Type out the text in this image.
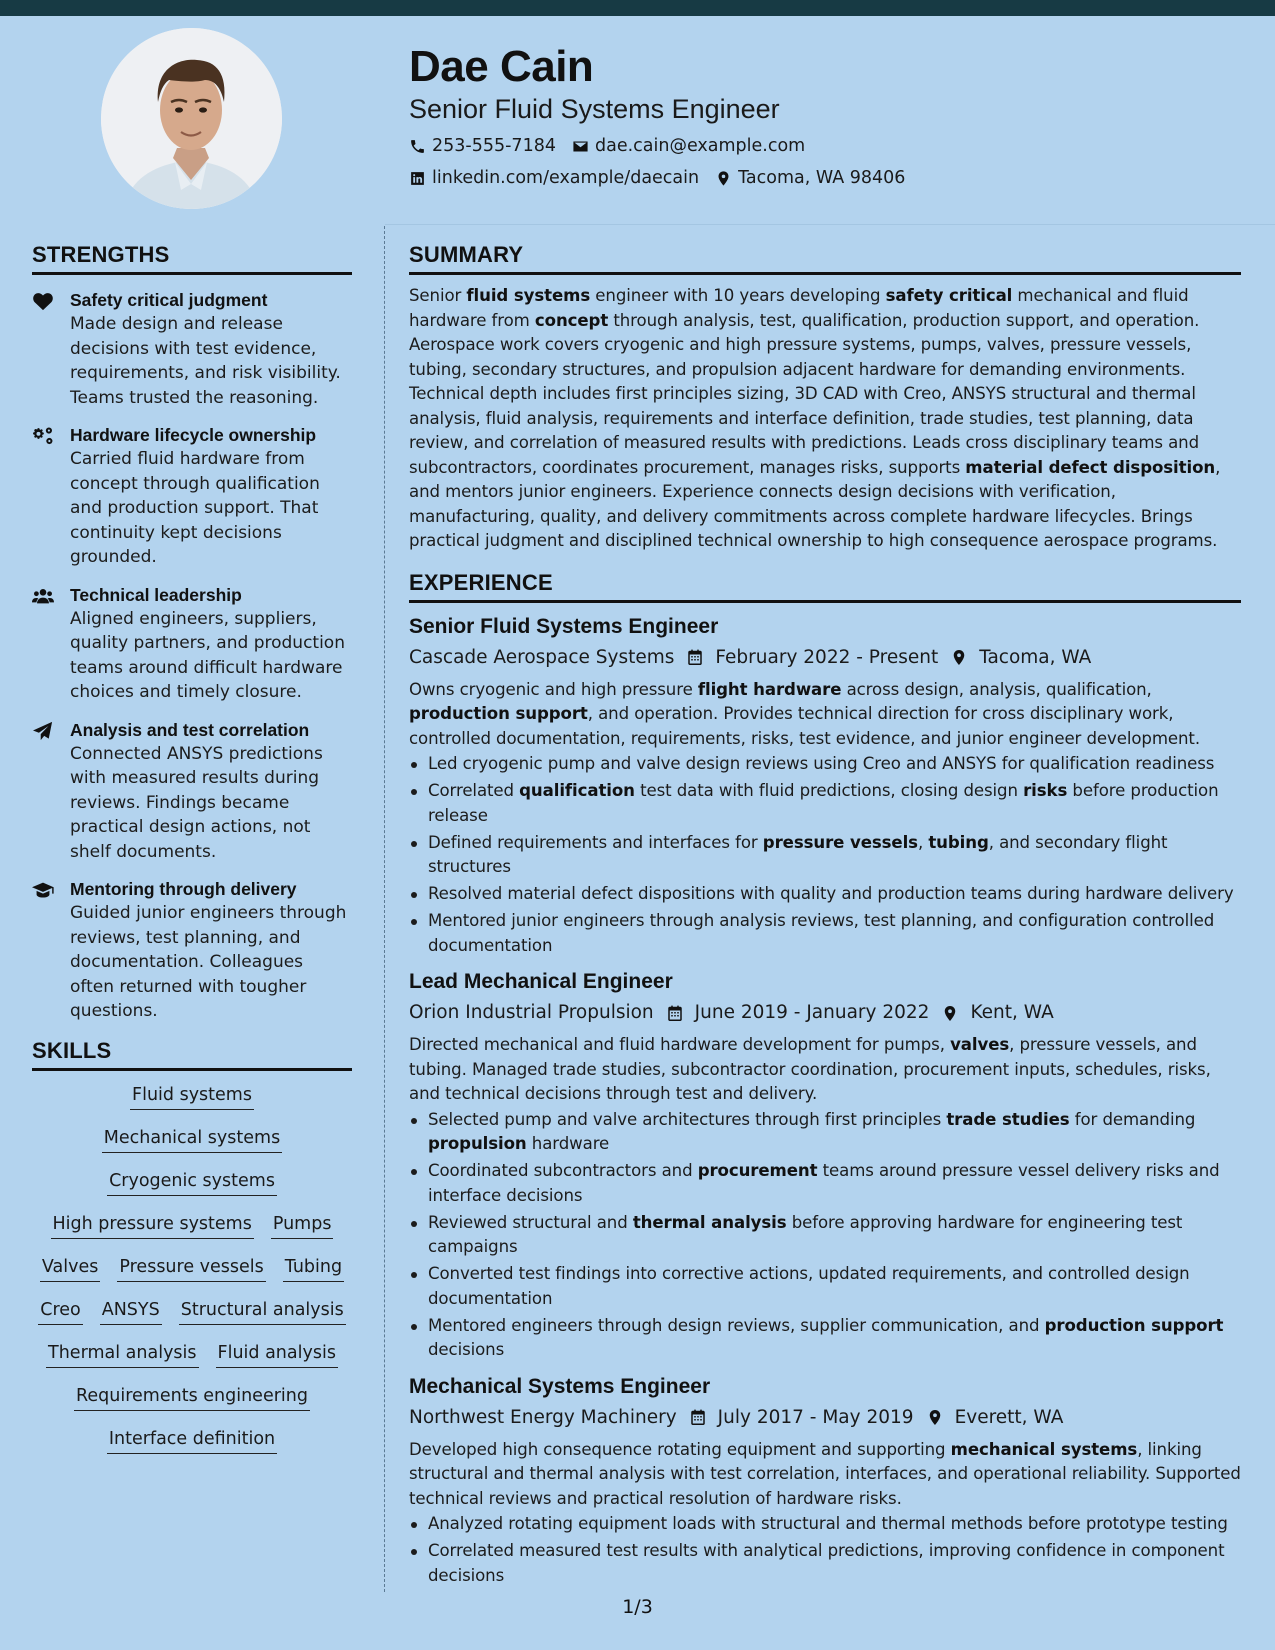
Dae Cain
Senior Fluid Systems Engineer
253-555-7184 dae.cain@example.com
linkedin.com/example/daecain Tacoma, WA 98406
STRENGTHS
Safety critical judgment
Made design and release decisions with test evidence, requirements, and risk visibility. Teams trusted the reasoning.
Hardware lifecycle ownership
Carried fluid hardware from concept through qualification and production support. That continuity kept decisions grounded.
Technical leadership
Aligned engineers, suppliers, quality partners, and production teams around difficult hardware choices and timely closure.
Analysis and test correlation
Connected ANSYS predictions with measured results during reviews. Findings became practical design actions, not shelf documents.
Mentoring through delivery
Guided junior engineers through reviews, test planning, and documentation. Colleagues often returned with tougher questions.
SKILLS
Fluid systems
Mechanical systems
Cryogenic systems
High pressure systems Pumps
Valves Pressure vessels Tubing
Creo ANSYS Structural analysis
Thermal analysis Fluid analysis
Requirements engineering
Interface definition
SUMMARY

Senior fluid systems engineer with 10 years developing safety critical mechanical and fluid hardware from concept through analysis, test, qualification, production support, and operation. Aerospace work covers cryogenic and high pressure systems, pumps, valves, pressure vessels, tubing, secondary structures, and propulsion adjacent hardware for demanding environments. Technical depth includes first principles sizing, 3D CAD with Creo, ANSYS structural and thermal analysis, fluid analysis, requirements and interface definition, trade studies, test planning, data review, and correlation of measured results with predictions. Leads cross disciplinary teams and subcontractors, coordinates procurement, manages risks, supports material defect disposition, and mentors junior engineers. Experience connects design decisions with verification, manufacturing, quality, and delivery commitments across complete hardware lifecycles. Brings practical judgment and disciplined technical ownership to high consequence aerospace programs.

EXPERIENCE
Senior Fluid Systems Engineer
Cascade Aerospace Systems February 2022 - Present Tacoma, WA

Owns cryogenic and high pressure flight hardware across design, analysis, qualification, production support, and operation. Provides technical direction for cross disciplinary work, controlled documentation, requirements, risks, test evidence, and junior engineer development.

Led cryogenic pump and valve design reviews using Creo and ANSYS for qualification readiness
Correlated qualification test data with fluid predictions, closing design risks before production release
Defined requirements and interfaces for pressure vessels, tubing, and secondary flight structures
Resolved material defect dispositions with quality and production teams during hardware delivery
Mentored junior engineers through analysis reviews, test planning, and configuration controlled documentation
Lead Mechanical Engineer
Orion Industrial Propulsion June 2019 - January 2022 Kent, WA

Directed mechanical and fluid hardware development for pumps, valves, pressure vessels, and tubing. Managed trade studies, subcontractor coordination, procurement inputs, schedules, risks, and technical decisions through test and delivery.

Selected pump and valve architectures through first principles trade studies for demanding propulsion hardware
Coordinated subcontractors and procurement teams around pressure vessel delivery risks and interface decisions
Reviewed structural and thermal analysis before approving hardware for engineering test campaigns
Converted test findings into corrective actions, updated requirements, and controlled design documentation
Mentored engineers through design reviews, supplier communication, and production support decisions
Mechanical Systems Engineer
Northwest Energy Machinery July 2017 - May 2019 Everett, WA

Developed high consequence rotating equipment and supporting mechanical systems, linking structural and thermal analysis with test correlation, interfaces, and operational reliability. Supported technical reviews and practical resolution of hardware risks.

Analyzed rotating equipment loads with structural and thermal methods before prototype testing
Correlated measured test results with analytical predictions, improving confidence in component decisions
1/3
